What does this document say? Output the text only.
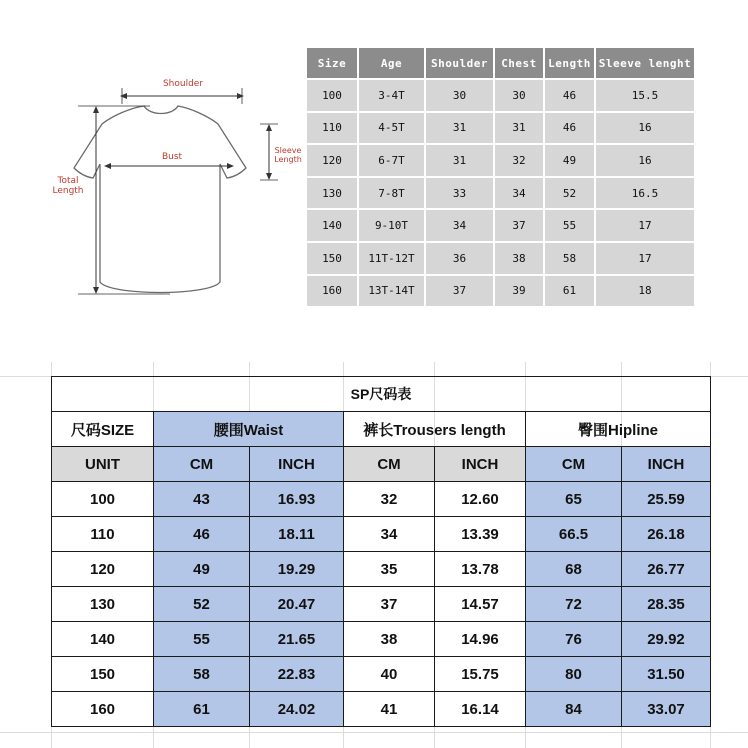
Shoulder
Bust
Sleeve
Length
Total
Length
Size	Age	Shoulder	Chest	Length	Sleeve lenght
100	3-4T	30	30	46	15.5
110	4-5T	31	31	46	16
120	6-7T	31	32	49	16
130	7-8T	33	34	52	16.5
140	9-10T	34	37	55	17
150	11T-12T	36	38	58	17
160	13T-14T	37	39	61	18
SP尺码表						
尺码SIZE	腰围Waist		裤长Trousers length		臀围Hipline	
UNIT	CM	INCH	CM	INCH	CM	INCH
100	43	16.93	32	12.60	65	25.59
110	46	18.11	34	13.39	66.5	26.18
120	49	19.29	35	13.78	68	26.77
130	52	20.47	37	14.57	72	28.35
140	55	21.65	38	14.96	76	29.92
150	58	22.83	40	15.75	80	31.50
160	61	24.02	41	16.14	84	33.07
